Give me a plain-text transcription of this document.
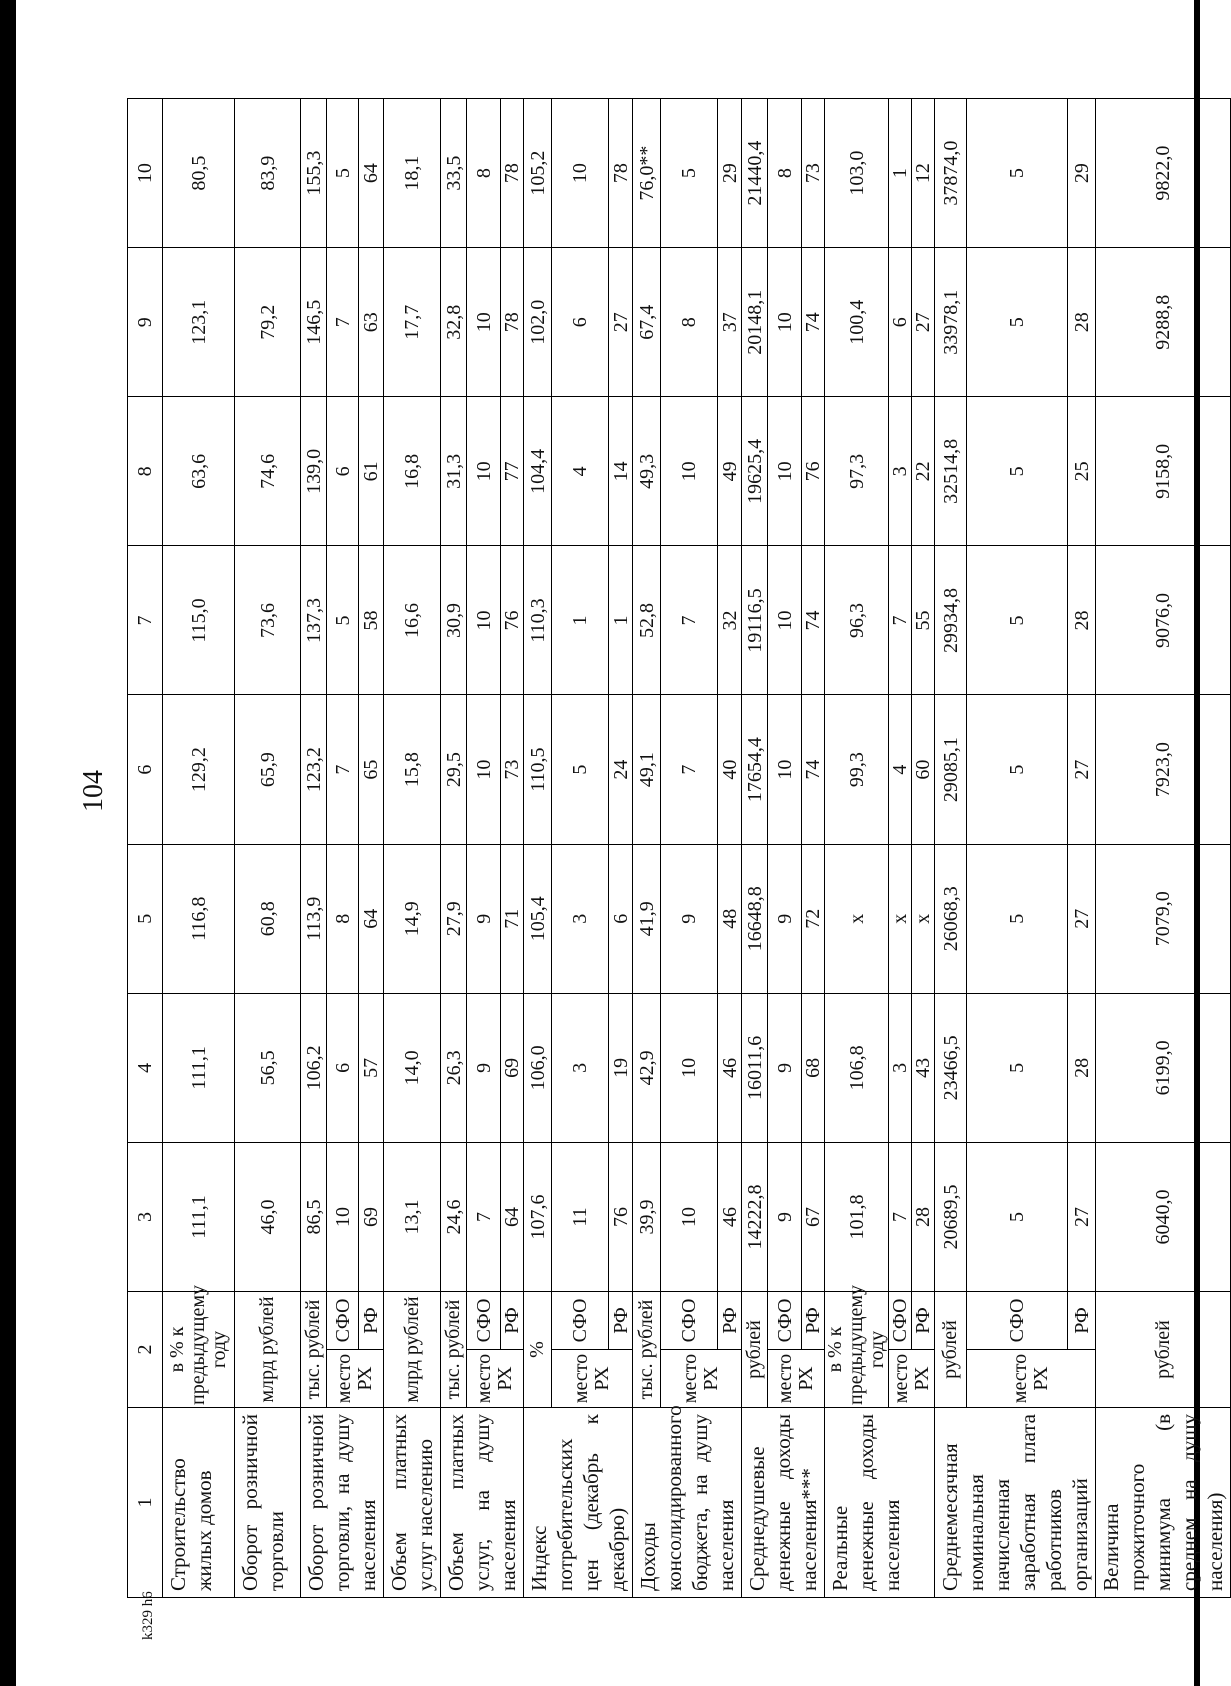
104
k329 h6
1	2		3	4	5	6	7	8	9	10
Строительство жилых домов	в % к предыдущему году		111,1	111,1	116,8	129,2	115,0	63,6	123,1	80,5
Оборот розничной торговли	млрд рублей		46,0	56,5	60,8	65,9	73,6	74,6	79,2	83,9
Оборот розничной торговли, на душу населения	тыс. рублей		86,5	106,2	113,9	123,2	137,3	139,0	146,5	155,3
	место РХ	СФО	10	6	8	7	5	6	7	5
		РФ	69	57	64	65	58	61	63	64
Объем платных услуг населению	млрд рублей		13,1	14,0	14,9	15,8	16,6	16,8	17,7	18,1
Объем платных услуг, на душу населения	тыс. рублей		24,6	26,3	27,9	29,5	30,9	31,3	32,8	33,5
	место РХ	СФО	7	9	9	10	10	10	10	8
		РФ	64	69	71	73	76	77	78	78
Индекс потребительских цен (декабрь к декабрю)	%		107,6	106,0	105,4	110,5	110,3	104,4	102,0	105,2
	место РХ	СФО	11	3	3	5	1	4	6	10
		РФ	76	19	6	24	1	14	27	78
Доходы консолидированного бюджета, на душу населения	тыс. рублей		39,9	42,9	41,9	49,1	52,8	49,3	67,4	76,0**
	место РХ	СФО	10	10	9	7	7	10	8	5
		РФ	46	46	48	40	32	49	37	29
Среднедушевые денежные доходы населения***	рублей		14222,8	16011,6	16648,8	17654,4	19116,5	19625,4	20148,1	21440,4
	место РХ	СФО	9	9	9	10	10	10	10	8
		РФ	67	68	72	74	74	76	74	73
Реальные денежные доходы населения	в % к предыдущему году		101,8	106,8	x	99,3	96,3	97,3	100,4	103,0
	место РХ	СФО	7	3	x	4	7	3	6	1
		РФ	28	43	x	60	55	22	27	12
Среднемесячная номинальная начисленная заработная плата работников организаций	рублей		20689,5	23466,5	26068,3	29085,1	29934,8	32514,8	33978,1	37874,0
	место РХ	СФО	5	5	5	5	5	5	5	5
		РФ	27	28	27	27	28	25	28	29
Величина прожиточного минимума (в среднем на душу населения)	рублей		6040,0	6199,0	7079,0	7923,0	9076,0	9158,0	9288,8	9822,0
